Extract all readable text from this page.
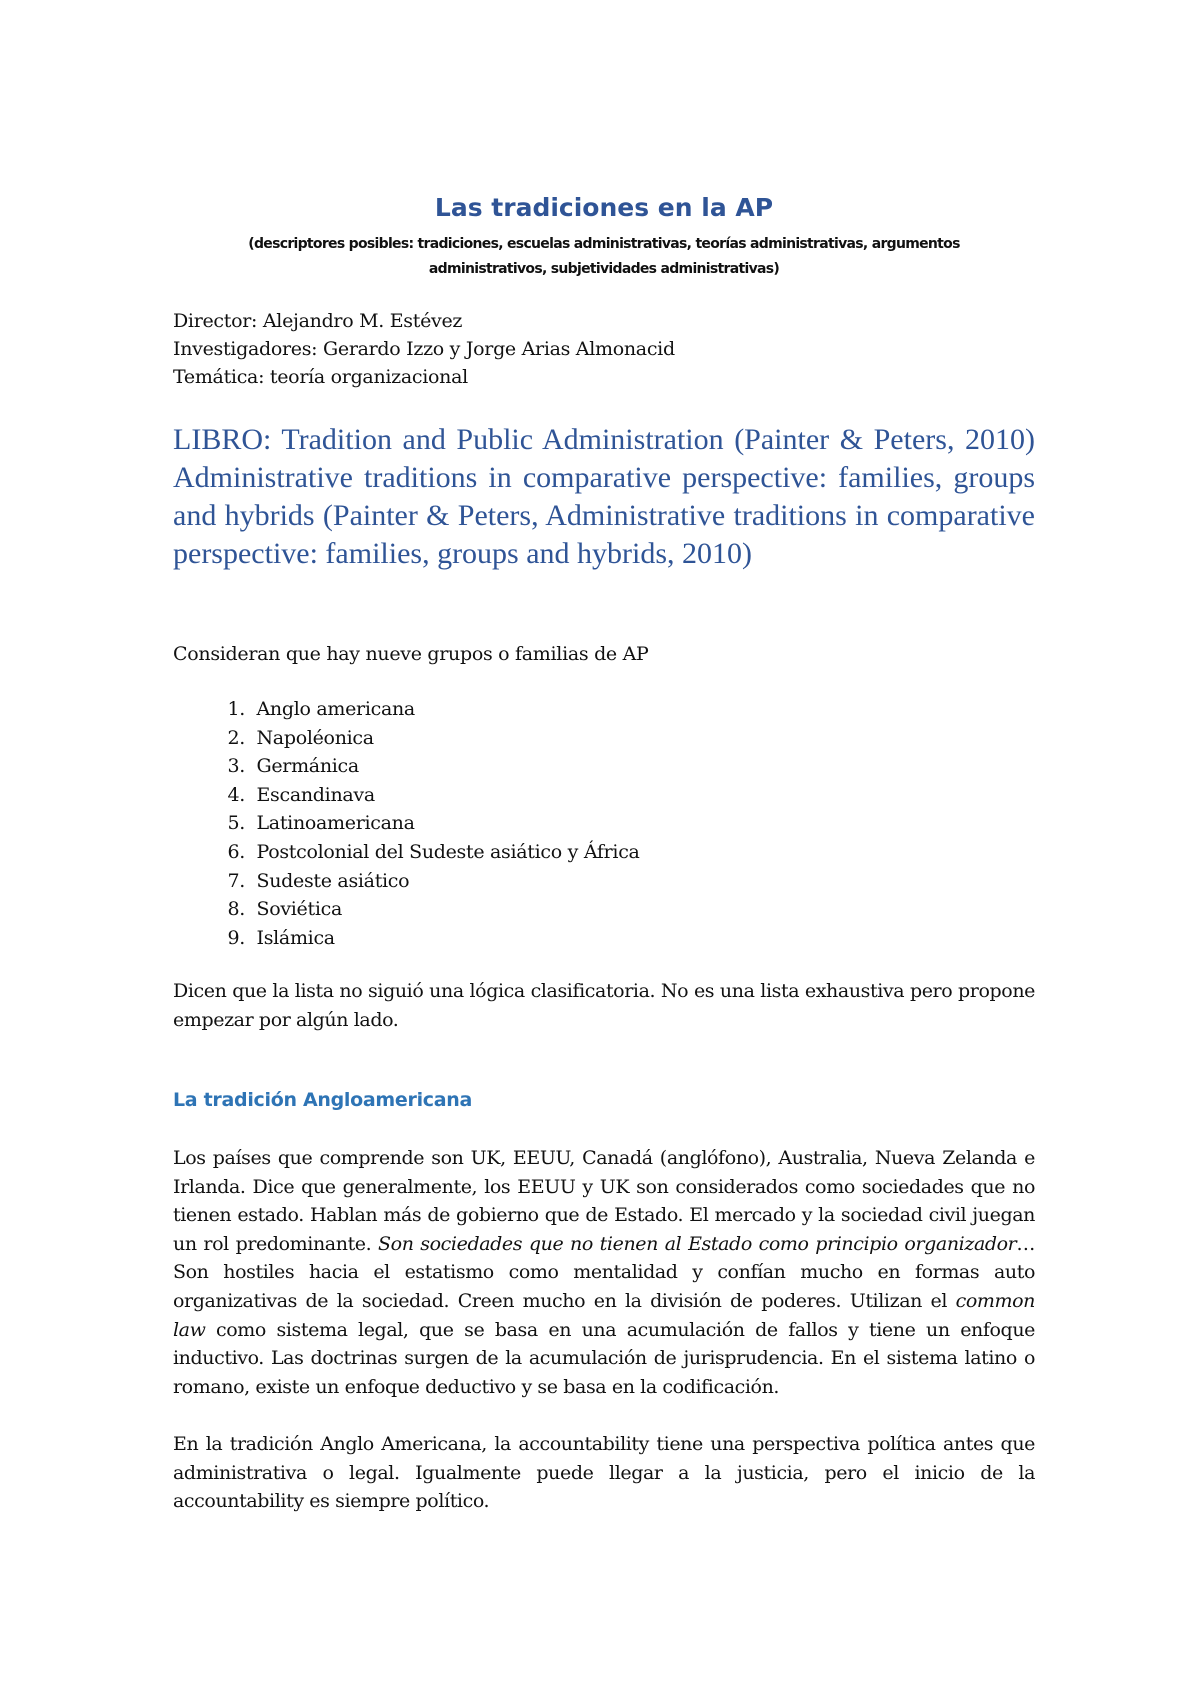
Las tradiciones en la AP
(descriptores posibles: tradiciones, escuelas administrativas, teorías administrativas, argumentos
administrativos, subjetividades administrativas)
Director: Alejandro M. Estévez
Investigadores: Gerardo Izzo y Jorge Arias Almonacid
Temática: teoría organizacional

LIBRO: Tradition and Public Administration (Painter & Peters, 2010) Administrative traditions in comparative perspective: families, groups and hybrids (Painter & Peters, Administrative traditions in comparative perspective: families, groups and hybrids, 2010)

Consideran que hay nueve grupos o familias de AP

1. Anglo americana
2. Napoléonica
3. Germánica
4. Escandinava
5. Latinoamericana
6. Postcolonial del Sudeste asiático y África
7. Sudeste asiático
8. Soviética
9. Islámica

Dicen que la lista no siguió una lógica clasificatoria. No es una lista exhaustiva pero propone empezar por algún lado.

La tradición Angloamericana

Los países que comprende son UK, EEUU, Canadá (anglófono), Australia, Nueva Zelanda e Irlanda. Dice que generalmente, los EEUU y UK son considerados como sociedades que no tienen estado. Hablan más de gobierno que de Estado. El mercado y la sociedad civil juegan un rol predominante. Son sociedades que no tienen al Estado como principio organizador… Son hostiles hacia el estatismo como mentalidad y confían mucho en formas auto organizativas de la sociedad. Creen mucho en la división de poderes. Utilizan el common law como sistema legal, que se basa en una acumulación de fallos y tiene un enfoque inductivo. Las doctrinas surgen de la acumulación de jurisprudencia. En el sistema latino o romano, existe un enfoque deductivo y se basa en la codificación.

En la tradición Anglo Americana, la accountability tiene una perspectiva política antes que administrativa o legal. Igualmente puede llegar a la justicia, pero el inicio de la accountability es siempre político.
